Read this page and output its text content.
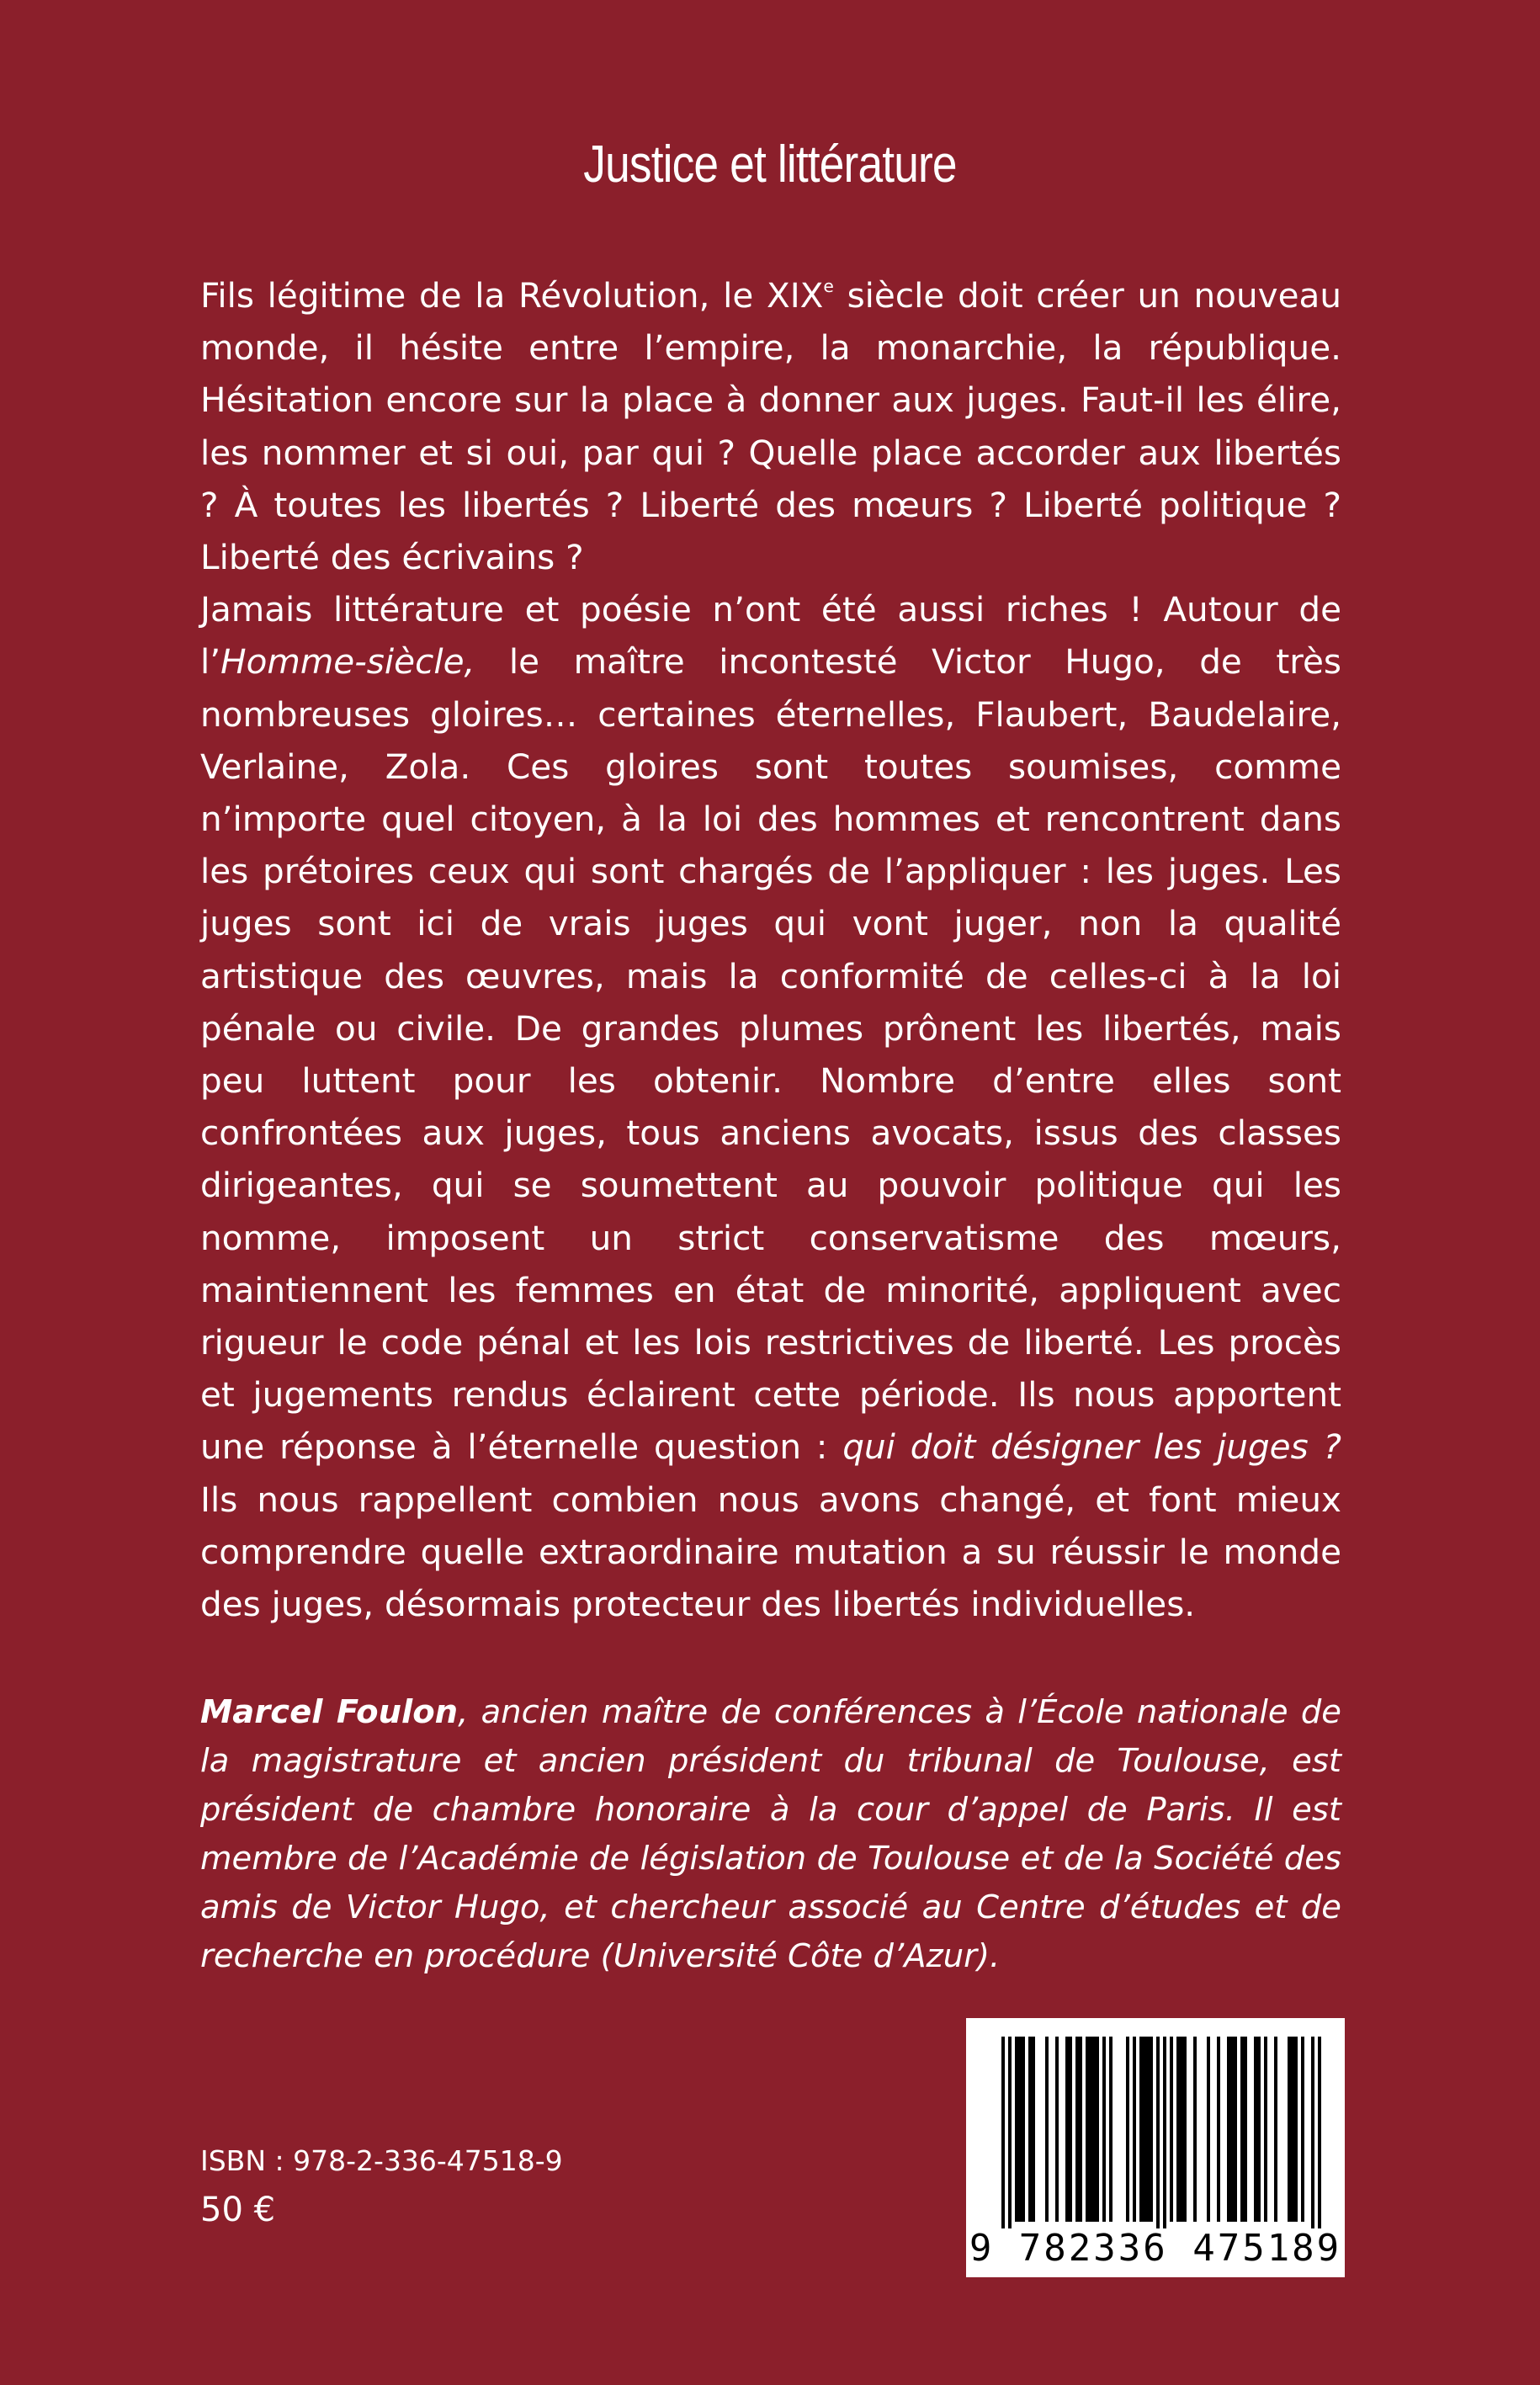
Justice et littérature

Fils légitime de la Révolution, le XIXe siècle doit créer un nouveau monde, il hésite entre l’empire, la monarchie, la république. Hésitation encore sur la place à donner aux juges. Faut-il les élire, les nommer et si oui, par qui ? Quelle place accorder aux libertés ? À toutes les libertés ? Liberté des mœurs ? Liberté politique ? Liberté des écrivains ?

Jamais littérature et poésie n’ont été aussi riches ! Autour de l’Homme-siècle, le maître incontesté Victor Hugo, de très nombreuses gloires… certaines éternelles, Flaubert, Baudelaire, Verlaine, Zola. Ces gloires sont toutes soumises, comme n’importe quel citoyen, à la loi des hommes et rencontrent dans les prétoires ceux qui sont chargés de l’appliquer : les juges. Les juges sont ici de vrais juges qui vont juger, non la qualité artistique des œuvres, mais la conformité de celles-ci à la loi pénale ou civile. De grandes plumes prônent les libertés, mais peu luttent pour les obtenir. Nombre d’entre elles sont confrontées aux juges, tous anciens avocats, issus des classes dirigeantes, qui se soumettent au pouvoir politique qui les nomme, imposent un strict conservatisme des mœurs, maintiennent les femmes en état de minorité, appliquent avec rigueur le code pénal et les lois restrictives de liberté. Les procès et jugements rendus éclairent cette période. Ils nous apportent une réponse à l’éternelle question : qui doit désigner les juges ? Ils nous rappellent combien nous avons changé, et font mieux comprendre quelle extraordinaire mutation a su réussir le monde des juges, désormais protecteur des libertés individuelles.

Marcel Foulon, ancien maître de conférences à l’École nationale de la magistrature et ancien président du tribunal de Toulouse, est président de chambre honoraire à la cour d’appel de Paris. Il est membre de l’Académie de législation de Toulouse et de la Société des amis de Victor Hugo, et chercheur associé au Centre d’études et de recherche en procédure (Université Côte d’Azur).
ISBN : 978-2-336-47518-9
50 €
9 782336 475189
